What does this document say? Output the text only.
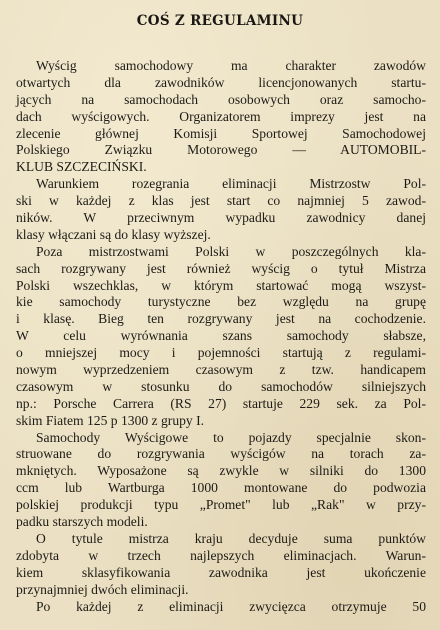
COŚ Z REGULAMINU
Wyścig samochodowy ma charakter zawodów
otwartych dla zawodników licencjonowanych startu-
jących na samochodach osobowych oraz samocho-
dach wyścigowych. Organizatorem imprezy jest na
zlecenie głównej Komisji Sportowej Samochodowej
Polskiego Związku Motorowego — AUTOMOBIL-
KLUB SZCZECIŃSKI.
Warunkiem rozegrania eliminacji Mistrzostw Pol-
ski w każdej z klas jest start co najmniej 5 zawod-
ników. W przeciwnym wypadku zawodnicy danej
klasy włączani są do klasy wyższej.
Poza mistrzostwami Polski w poszczególnych kla-
sach rozgrywany jest również wyścig o tytuł Mistrza
Polski wszechklas, w którym startować mogą wszyst-
kie samochody turystyczne bez względu na grupę
i klasę. Bieg ten rozgrywany jest na cochodzenie.
W celu wyrównania szans samochody słabsze,
o mniejszej mocy i pojemności startują z regulami-
nowym wyprzedzeniem czasowym z tzw. handicapem
czasowym w stosunku do samochodów silniejszych
np.: Porsche Carrera (RS 27) startuje 229 sek. za Pol-
skim Fiatem 125 p 1300 z grupy I.
Samochody Wyścigowe to pojazdy specjalnie skon-
struowane do rozgrywania wyścigów na torach za-
mkniętych. Wyposażone są zwykle w silniki do 1300
ccm lub Wartburga 1000 montowane do podwozia
polskiej produkcji typu „Promet" lub „Rak" w przy-
padku starszych modeli.
O tytule mistrza kraju decyduje suma punktów
zdobyta w trzech najlepszych eliminacjach. Warun-
kiem sklasyfikowania zawodnika jest ukończenie
przynajmniej dwóch eliminacji.
Po każdej z eliminacji zwycięzca otrzymuje 50
